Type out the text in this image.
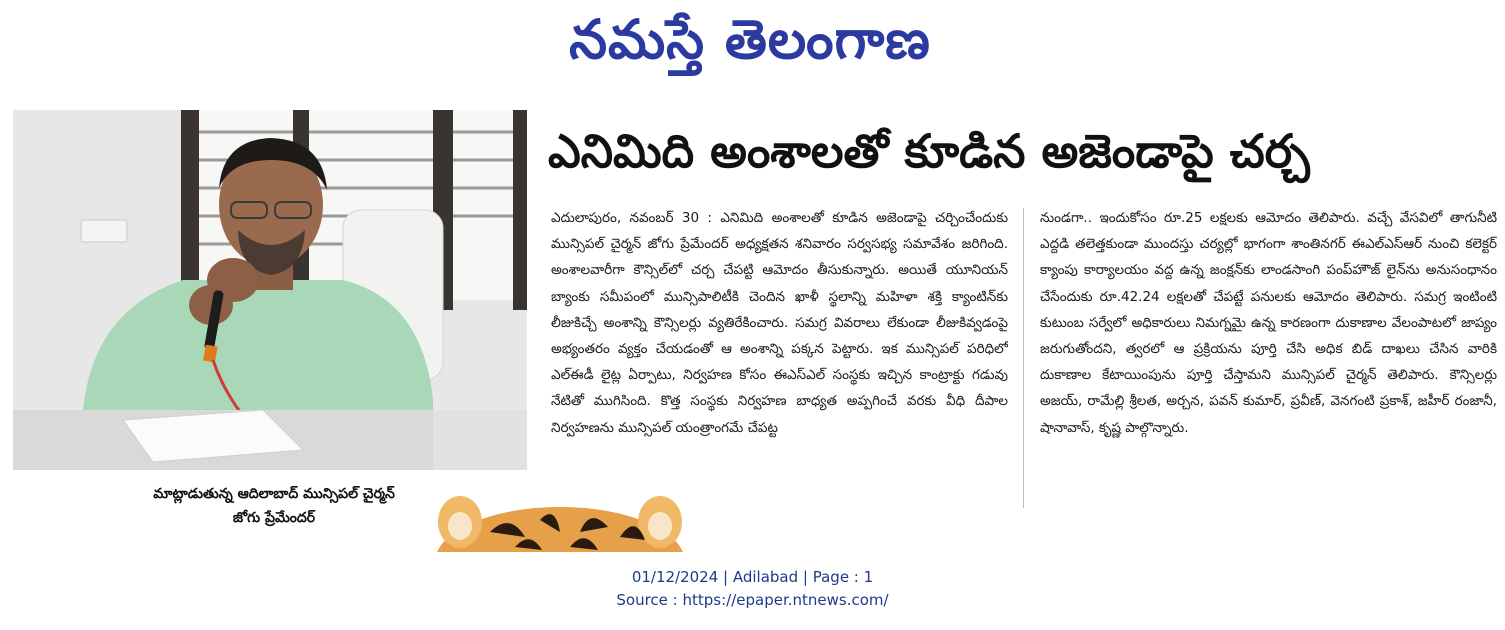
నమస్తే తెలంగాణ
మాట్లాడుతున్న ఆదిలాబాద్ మున్సిపల్ చైర్మన్
జోగు ప్రేమేందర్
ఎనిమిది అంశాలతో కూడిన అజెండాపై చర్చ
ఎదులాపురం, నవంబర్ 30 : ఎనిమిది అంశాలతో కూడిన అజెండాపై చర్చించేందుకు మున్సిపల్ చైర్మన్ జోగు ప్రేమేందర్ అధ్యక్షతన శనివారం సర్వసభ్య సమావేశం జరిగింది. అంశాలవారీగా కౌన్సిల్‌లో చర్చ చేపట్టి ఆమోదం తీసుకున్నారు. అయితే యూనియన్ బ్యాంకు సమీపంలో మున్సిపాలిటీకి చెందిన ఖాళీ స్థలాన్ని మహిళా శక్తి క్యాంటిన్‌కు లీజుకిచ్చే అంశాన్ని కౌన్సిలర్లు వ్యతిరేకించారు. సమగ్ర వివరాలు లేకుండా లీజుకివ్వడంపై అభ్యంతరం వ్యక్తం చేయడంతో ఆ అంశాన్ని పక్కన పెట్టారు. ఇక మున్సిపల్ పరిధిలో ఎల్‌ఈడీ లైట్ల ఏర్పాటు, నిర్వహణ కోసం ఈఎస్‌ఎల్ సంస్థకు ఇచ్చిన కాంట్రాక్టు గడువు నేటితో ముగిసింది. కొత్త సంస్థకు నిర్వహణ బాధ్యత అప్పగించే వరకు వీధి దీపాల నిర్వహణను మున్సిపల్ యంత్రాంగమే చేపట్ట
నుండగా.. ఇందుకోసం రూ.25 లక్షలకు ఆమోదం తెలిపారు. వచ్చే వేసవిలో తాగునీటి ఎద్దడి తలెత్తకుండా ముందస్తు చర్యల్లో భాగంగా శాంతినగర్ ఈఎల్‌ఎస్‌ఆర్ నుంచి కలెక్టర్ క్యాంపు కార్యాలయం వద్ద ఉన్న జంక్షన్‌కు లాండసాంగి పంప్‌హౌజ్ లైన్‌ను అనుసంధానం చేసేందుకు రూ.42.24 లక్షలతో చేపట్టే పనులకు ఆమోదం తెలిపారు. సమగ్ర ఇంటింటి కుటుంబ సర్వేలో అధికారులు నిమగ్నమై ఉన్న కారణంగా దుకాణాల వేలంపాటలో జాప్యం జరుగుతోందని, త్వరలో ఆ ప్రక్రియను పూర్తి చేసి అధిక బిడ్ దాఖలు చేసిన వారికి దుకాణాల కేటాయింపును పూర్తి చేస్తామని మున్సిపల్ చైర్మన్ తెలిపారు. కౌన్సిలర్లు అజయ్, రామేల్లి శ్రీలత, అర్చన, పవన్ కుమార్, ప్రవీణ్, వెనగంటి ప్రకాశ్, జహీర్ రంజానీ, షానావాస్, కృష్ణ పాల్గొన్నారు.
01/12/2024 | Adilabad | Page : 1
Source : https://epaper.ntnews.com/
